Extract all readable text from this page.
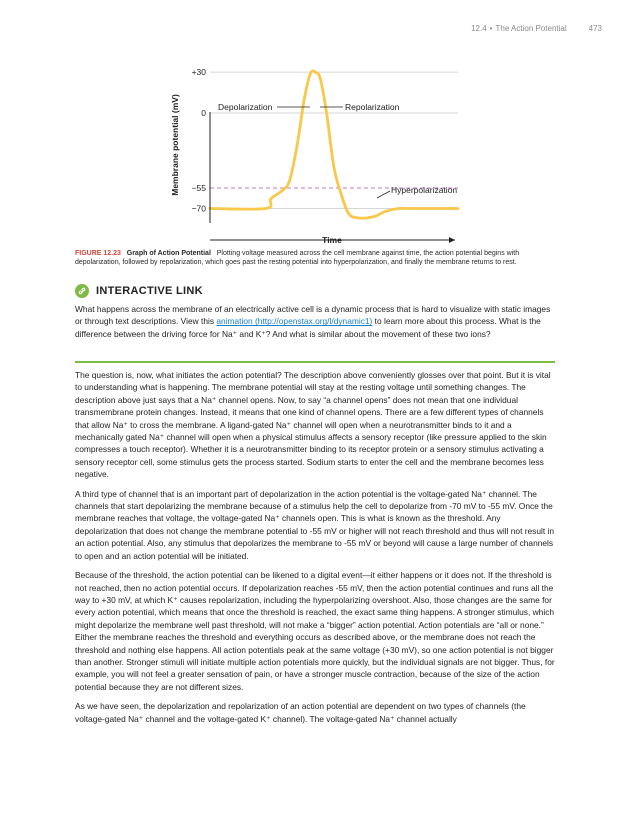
12.4 • The Action Potential	473
+30
0
−55
−70
Membrane potential (mV)
Time
Depolarization	Repolarization
Hyperpolarization
FIGURE 12.23 Graph of Action Potential Plotting voltage measured across the cell membrane against time, the action potential begins with depolarization, followed by repolarization, which goes past the resting potential into hyperpolarization, and finally the membrane returns to rest.
INTERACTIVE LINK
What happens across the membrane of an electrically active cell is a dynamic process that is hard to visualize with static images or through text descriptions. View this animation (http://openstax.org/l/dynamic1) to learn more about this process. What is the difference between the driving force for Na⁺ and K⁺? And what is similar about the movement of these two ions?

The question is, now, what initiates the action potential? The description above conveniently glosses over that point. But it is vital to understanding what is happening. The membrane potential will stay at the resting voltage until something changes. The description above just says that a Na⁺ channel opens. Now, to say “a channel opens” does not mean that one individual transmembrane protein changes. Instead, it means that one kind of channel opens. There are a few different types of channels that allow Na⁺ to cross the membrane. A ligand-gated Na⁺ channel will open when a neurotransmitter binds to it and a mechanically gated Na⁺ channel will open when a physical stimulus affects a sensory receptor (like pressure applied to the skin compresses a touch receptor). Whether it is a neurotransmitter binding to its receptor protein or a sensory stimulus activating a sensory receptor cell, some stimulus gets the process started. Sodium starts to enter the cell and the membrane becomes less negative.

A third type of channel that is an important part of depolarization in the action potential is the voltage-gated Na⁺ channel. The channels that start depolarizing the membrane because of a stimulus help the cell to depolarize from -70 mV to -55 mV. Once the membrane reaches that voltage, the voltage-gated Na⁺ channels open. This is what is known as the threshold. Any depolarization that does not change the membrane potential to -55 mV or higher will not reach threshold and thus will not result in an action potential. Also, any stimulus that depolarizes the membrane to -55 mV or beyond will cause a large number of channels to open and an action potential will be initiated.

Because of the threshold, the action potential can be likened to a digital event—it either happens or it does not. If the threshold is not reached, then no action potential occurs. If depolarization reaches -55 mV, then the action potential continues and runs all the way to +30 mV, at which K⁺ causes repolarization, including the hyperpolarizing overshoot. Also, those changes are the same for every action potential, which means that once the threshold is reached, the exact same thing happens. A stronger stimulus, which might depolarize the membrane well past threshold, will not make a “bigger” action potential. Action potentials are “all or none.” Either the membrane reaches the threshold and everything occurs as described above, or the membrane does not reach the threshold and nothing else happens. All action potentials peak at the same voltage (+30 mV), so one action potential is not bigger than another. Stronger stimuli will initiate multiple action potentials more quickly, but the individual signals are not bigger. Thus, for example, you will not feel a greater sensation of pain, or have a stronger muscle contraction, because of the size of the action potential because they are not different sizes.

As we have seen, the depolarization and repolarization of an action potential are dependent on two types of channels (the voltage-gated Na⁺ channel and the voltage-gated K⁺ channel). The voltage-gated Na⁺ channel actually
